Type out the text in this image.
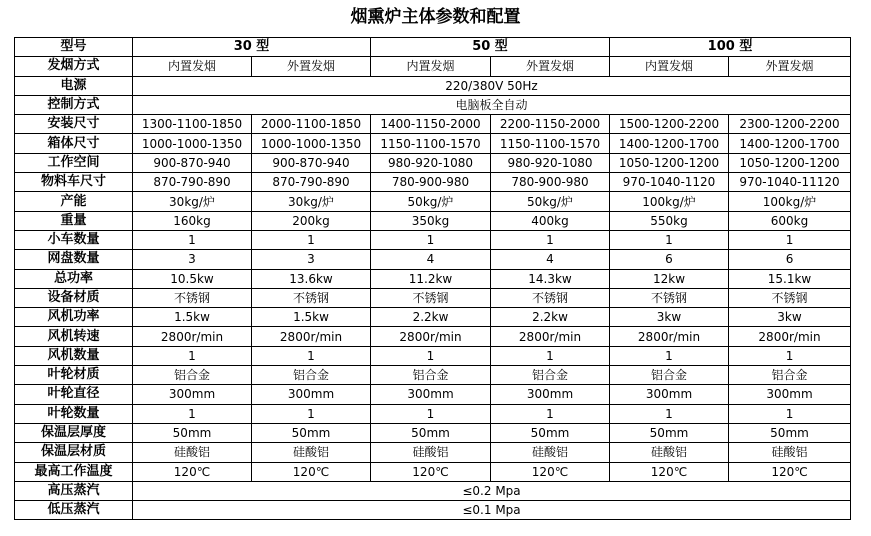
烟熏炉主体参数和配置
型号	30 型		50 型		100 型	
发烟方式	内置发烟	外置发烟	内置发烟	外置发烟	内置发烟	外置发烟
电源	220/380V 50Hz					
控制方式	电脑板全自动					
安装尺寸	1300-1100-1850	2000-1100-1850	1400-1150-2000	2200-1150-2000	1500-1200-2200	2300-1200-2200
箱体尺寸	1000-1000-1350	1000-1000-1350	1150-1100-1570	1150-1100-1570	1400-1200-1700	1400-1200-1700
工作空间	900-870-940	900-870-940	980-920-1080	980-920-1080	1050-1200-1200	1050-1200-1200
物料车尺寸	870-790-890	870-790-890	780-900-980	780-900-980	970-1040-1120	970-1040-11120
产能	30kg/炉	30kg/炉	50kg/炉	50kg/炉	100kg/炉	100kg/炉
重量	160kg	200kg	350kg	400kg	550kg	600kg
小车数量	1	1	1	1	1	1
网盘数量	3	3	4	4	6	6
总功率	10.5kw	13.6kw	11.2kw	14.3kw	12kw	15.1kw
设备材质	不锈钢	不锈钢	不锈钢	不锈钢	不锈钢	不锈钢
风机功率	1.5kw	1.5kw	2.2kw	2.2kw	3kw	3kw
风机转速	2800r/min	2800r/min	2800r/min	2800r/min	2800r/min	2800r/min
风机数量	1	1	1	1	1	1
叶轮材质	铝合金	铝合金	铝合金	铝合金	铝合金	铝合金
叶轮直径	300mm	300mm	300mm	300mm	300mm	300mm
叶轮数量	1	1	1	1	1	1
保温层厚度	50mm	50mm	50mm	50mm	50mm	50mm
保温层材质	硅酸铝	硅酸铝	硅酸铝	硅酸铝	硅酸铝	硅酸铝
最高工作温度	120℃	120℃	120℃	120℃	120℃	120℃
高压蒸汽	≤0.2 Mpa					
低压蒸汽	≤0.1 Mpa					
